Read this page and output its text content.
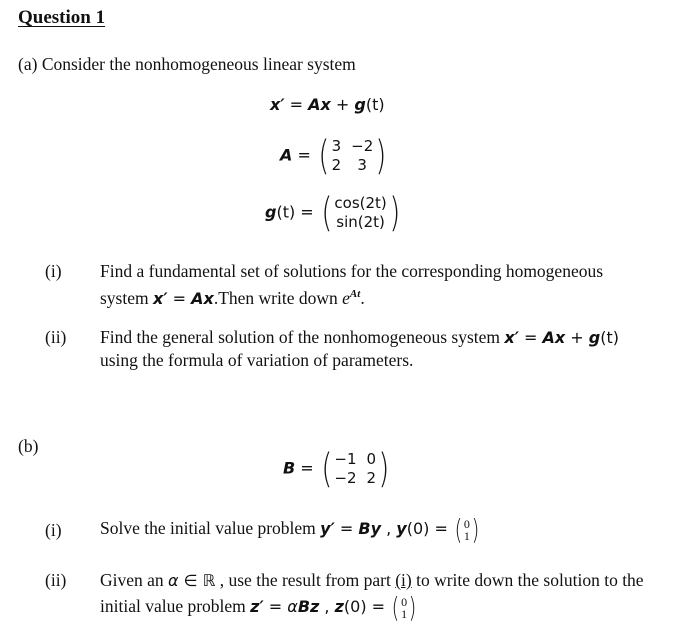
Question 1
(a) Consider the nonhomogeneous linear system
x′ = Ax + g(t)
A = ( 3 −2
2	3 )
g(t) = ( cos(2t)
sin(2t) )
(i) Find a fundamental set of solutions for the corresponding homogeneous
system x′ = Ax.Then write down $e^{At}$.
(ii) Find the general solution of the nonhomogeneous system x′ = Ax + g(t)
using the formula of variation of parameters.
(b)
B = ( −1 0
−2 2 )
(i) Solve the initial value problem y′ = By , y(0) = ( 0
1 )
(ii) Given an α ∈ ℝ , use the result from part (i) to write down the solution to the
initial value problem z′ = αBz , z(0) = ( 0
1 )
